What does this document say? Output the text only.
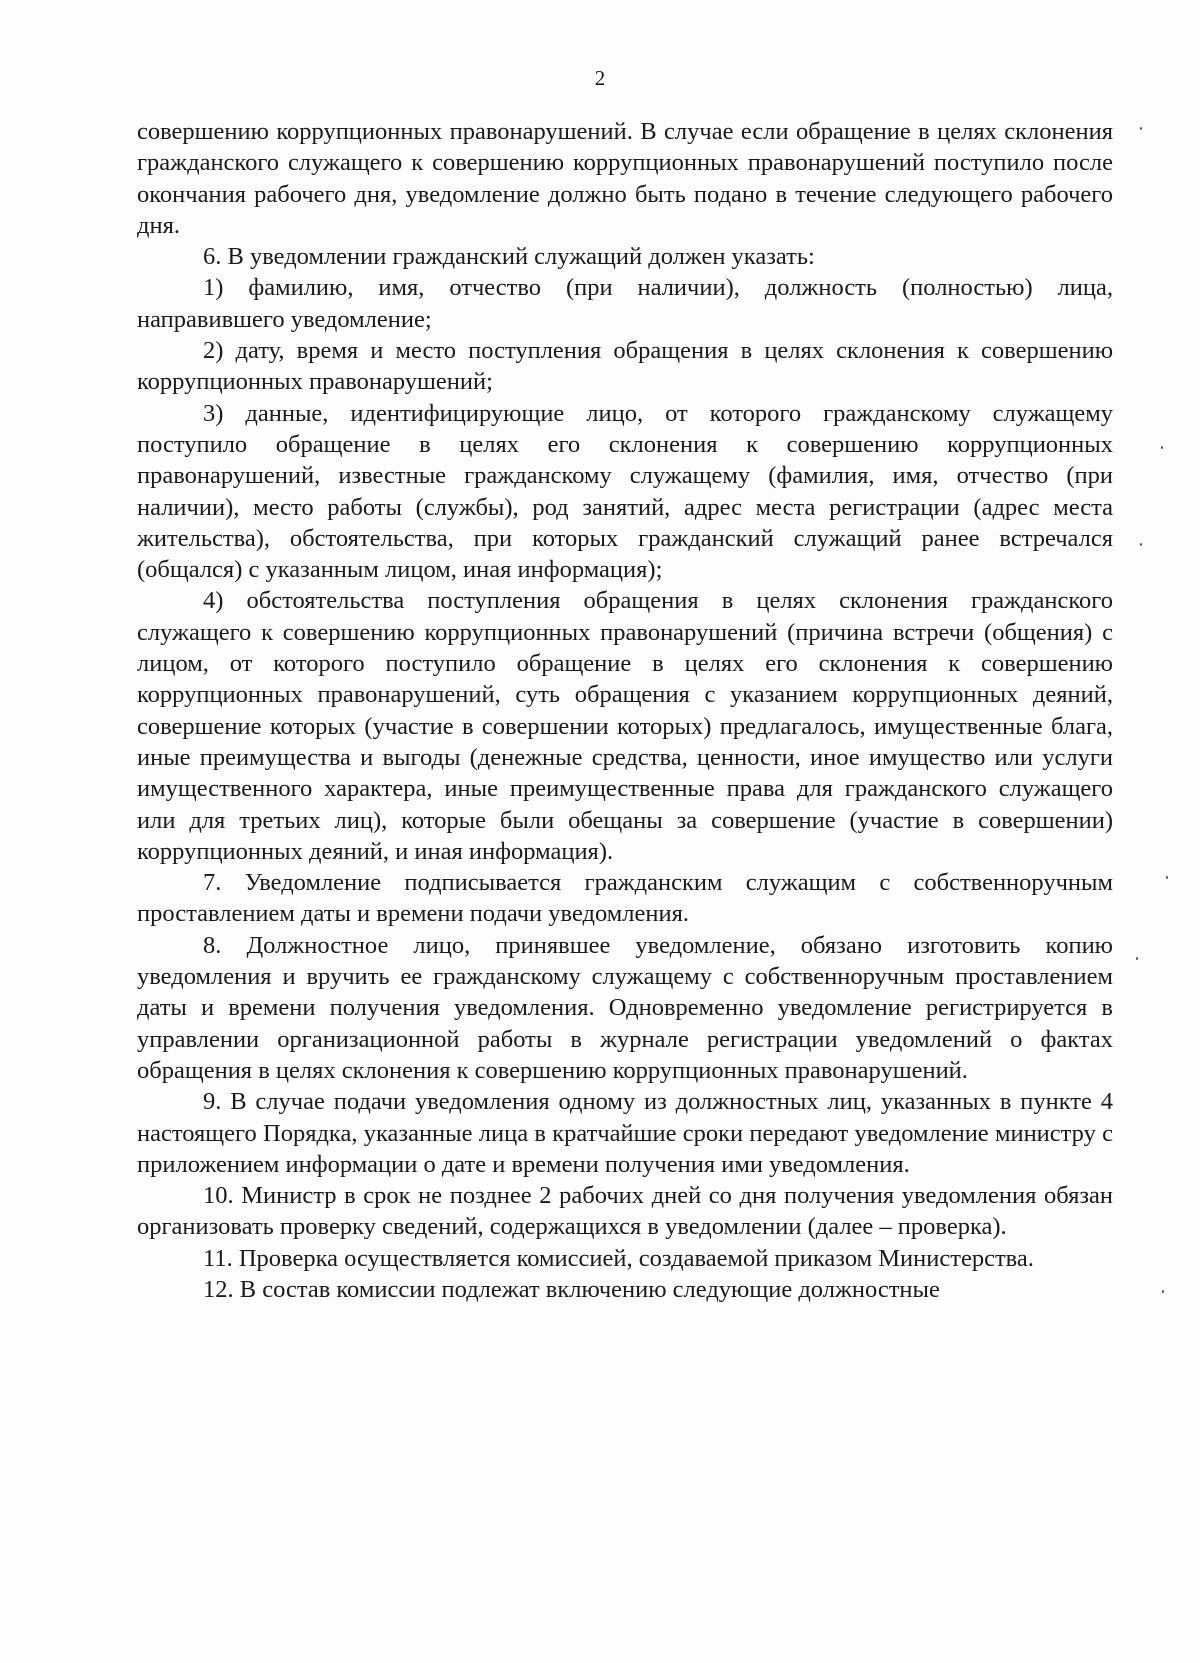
2

совершению коррупционных правонарушений. В случае если обращение в целях склонения гражданского служащего к совершению коррупционных правонарушений поступило после окончания рабочего дня, уведомление должно быть подано в течение следующего рабочего дня.

6. В уведомлении гражданский служащий должен указать:

1) фамилию, имя, отчество (при наличии), должность (полностью) лица, направившего уведомление;

2) дату, время и место поступления обращения в целях склонения к совершению коррупционных правонарушений;

3) данные, идентифицирующие лицо, от которого гражданскому служащему поступило обращение в целях его склонения к совершению коррупционных правонарушений, известные гражданскому служащему (фамилия, имя, отчество (при наличии), место работы (службы), род занятий, адрес места регистрации (адрес места жительства), обстоятельства, при которых гражданский служащий ранее встречался (общался) с указанным лицом, иная информация);

4) обстоятельства поступления обращения в целях склонения гражданского служащего к совершению коррупционных правонарушений (причина встречи (общения) с лицом, от которого поступило обращение в целях его склонения к совершению коррупционных правонарушений, суть обращения с указанием коррупционных деяний, совершение которых (участие в совершении которых) предлагалось, имущественные блага, иные преимущества и выгоды (денежные средства, ценности, иное имущество или услуги имущественного характера, иные преимущественные права для гражданского служащего или для третьих лиц), которые были обещаны за совершение (участие в совершении) коррупционных деяний, и иная информация).

7. Уведомление подписывается гражданским служащим с собственноручным проставлением даты и времени подачи уведомления.

8. Должностное лицо, принявшее уведомление, обязано изготовить копию уведомления и вручить ее гражданскому служащему с собственноручным проставлением даты и времени получения уведомления. Одновременно уведомление регистрируется в управлении организационной работы в журнале регистрации уведомлений о фактах обращения в целях склонения к совершению коррупционных правонарушений.

9. В случае подачи уведомления одному из должностных лиц, указанных в пункте 4 настоящего Порядка, указанные лица в кратчайшие сроки передают уведомление министру с приложением информации о дате и времени получения ими уведомления.

10. Министр в срок не позднее 2 рабочих дней со дня получения уведомления обязан организовать проверку сведений, содержащихся в уведомлении (далее – проверка).

11. Проверка осуществляется комиссией, создаваемой приказом Министерства.

12. В состав комиссии подлежат включению следующие должностные
